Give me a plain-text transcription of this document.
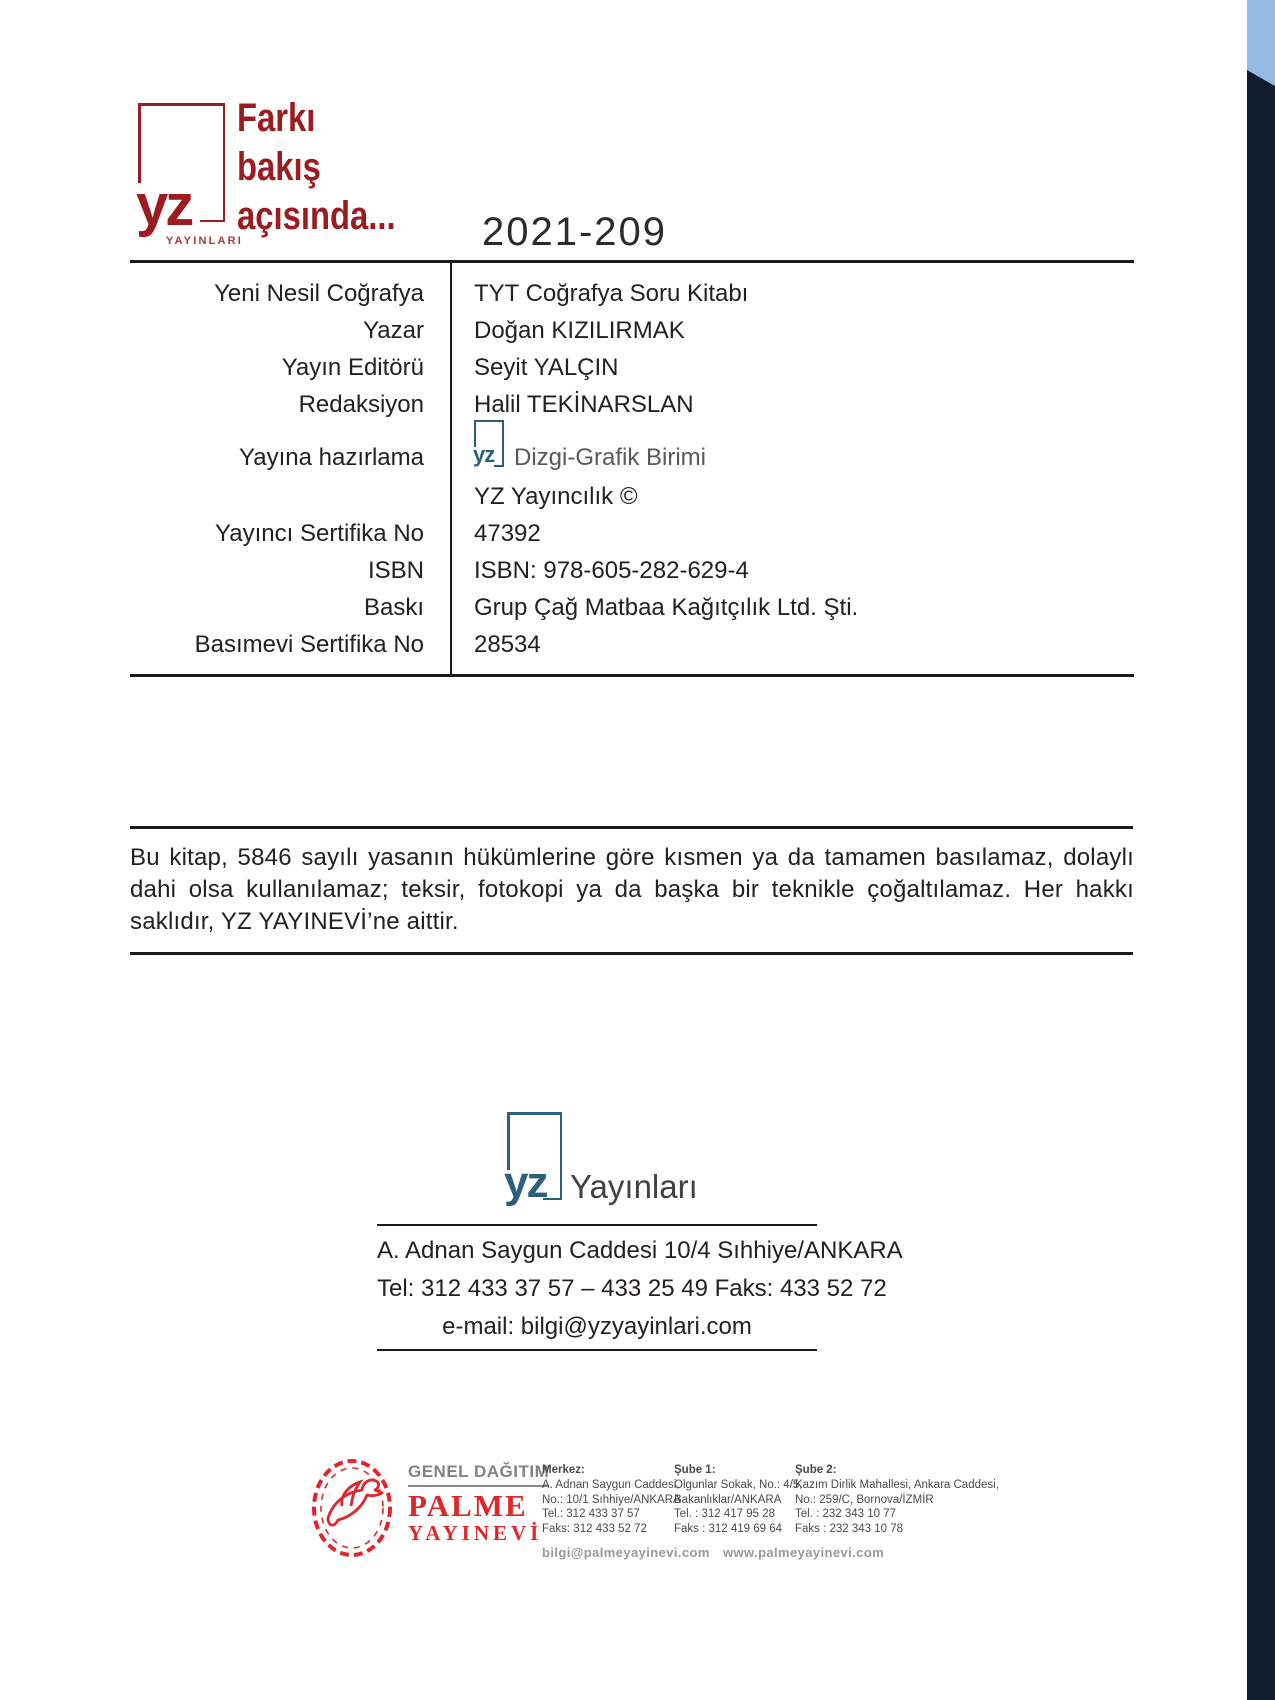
yz
YAYINLARI
Farkı
bakış
açısında... 2021-209
Yeni Nesil Coğrafya TYT Coğrafya Soru Kitabı
Yazar Doğan KIZILIRMAK
Yayın Editörü Seyit YALÇIN
Redaksiyon Halil TEKİNARSLAN
Yayına hazırlama yz Dizgi-Grafik Birimi
YZ Yayıncılık ©
Yayıncı Sertifika No 47392
ISBN ISBN: 978-605-282-629-4
Baskı Grup Çağ Matbaa Kağıtçılık Ltd. Şti.
Basımevi Sertifika No 28534
Bu kitap, 5846 sayılı yasanın hükümlerine göre kısmen ya da tamamen basılamaz, dolaylı dahi olsa kullanılamaz; teksir, fotokopi ya da başka bir teknikle çoğaltılamaz. Her hakkı saklıdır, YZ YAYINEVİ’ne aittir.
yz Yayınları
A. Adnan Saygun Caddesi 10/4 Sıhhiye/ANKARA
Tel: 312 433 37 57 – 433 25 49 Faks: 433 52 72
e-mail: bilgi@yzyayinlari.com
GENEL DAĞITIM
PALME
YAYINEVİ
Merkez:
A. Adnan Saygun Caddesi,
No.: 10/1 Sıhhiye/ANKARA
Tel.: 312 433 37 57
Faks: 312 433 52 72
Şube 1:
Olgunlar Sokak, No.: 4/5,
Bakanlıklar/ANKARA
Tel. : 312 417 95 28
Faks : 312 419 69 64
Şube 2:
Kazım Dirlik Mahallesi, Ankara Caddesi,
No.: 259/C, Bornova/İZMİR
Tel. : 232 343 10 77
Faks : 232 343 10 78
bilgi@palmeyayinevi.com www.palmeyayinevi.com
